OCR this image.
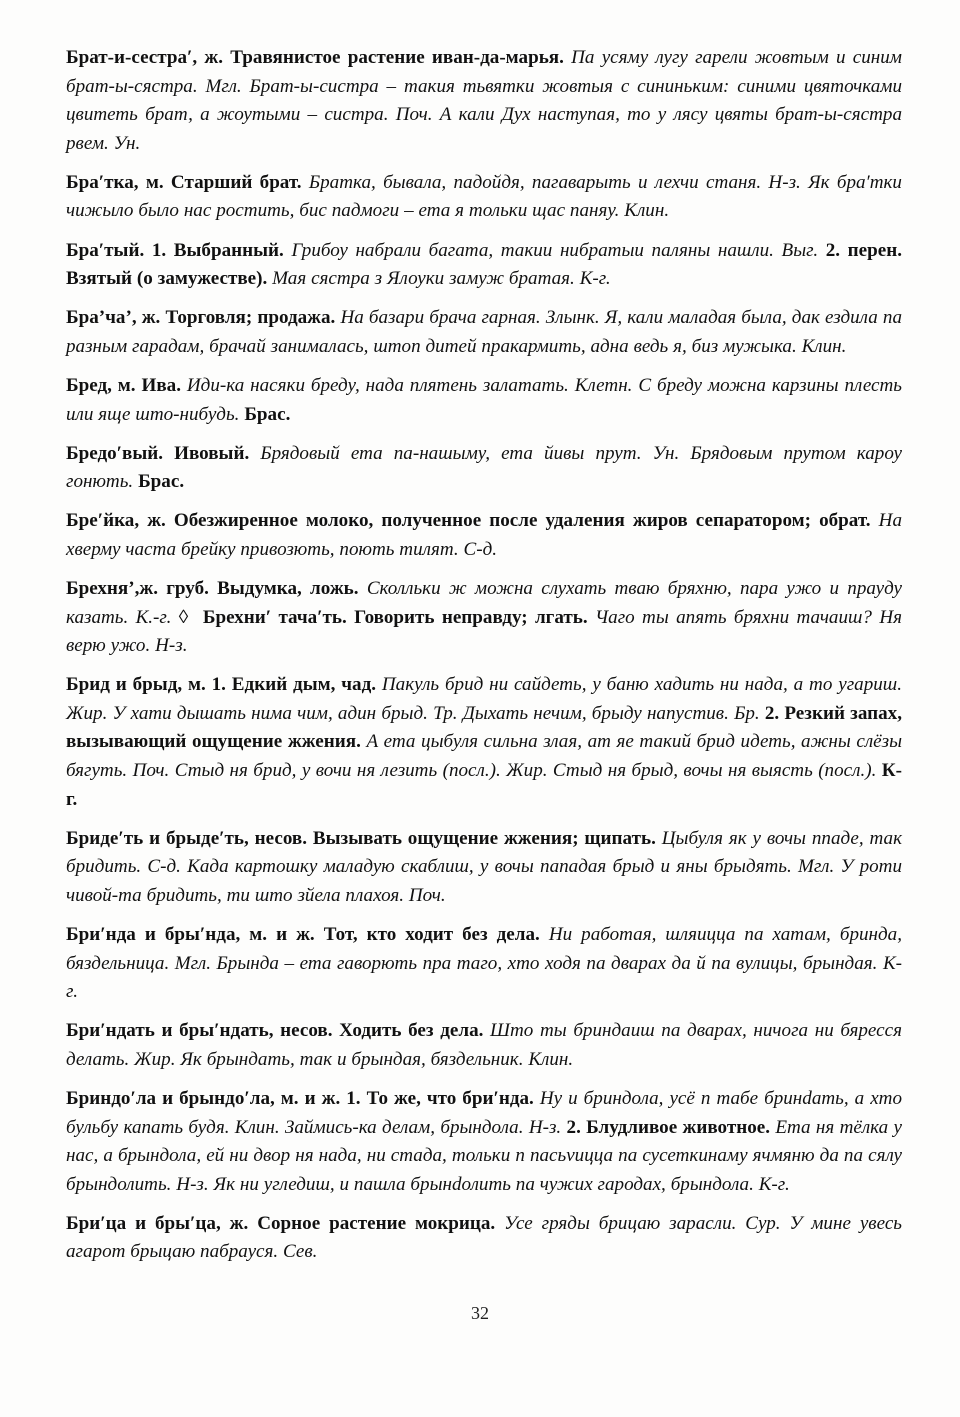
Брат-и-сестра′, ж. Травянистое растение иван-да-марья. Па усяму лугу гарели жовтым и синим брат-ы-сястра. Мгл. Брат-ы-систра – такия тьвятки жовтыя с сининьким: синими цвяточками цвитеть брат, а жоутыми – систра. Поч. А кали Дух наступая, то у лясу цвяты брат-ы-сястра рвем. Ун.

Бра′тка, м. Старший брат. Братка, бывала, падойдя, пагаварыть и лехчи станя. Н-з. Як бра′тки чижыло было нас ростить, бис падмоги – ета я тольки щас паняу. Клин.

Бра′тый. 1. Выбранный. Грибоу набрали багата, такии нибратыи паляны нашли. Выг. 2. перен. Взятый (о замужестве). Мая сястра з Ялоуки замуж братая. К-г.

Бра’ча’, ж. Торговля; продажа. На базари брача гарная. Злынк. Я, кали маладая была, дак ездила па разным гарадам, брачай занималась, штоп дитей пракармить, адна ведь я, биз мужыка. Клин.

Бред, м. Ива. Иди-ка насяки бреду, нада плятень залатать. Клетн. С бреду можна карзины плесть или яще што-нибудь. Брас.

Бредо′вый. Ивовый. Брядовый ета па-нашыму, ета йивы прут. Ун. Брядовым прутом кароу гонють. Брас.

Бре′йка, ж. Обезжиренное молоко, полученное после удаления жиров сепаратором; обрат. На хверму часта брейку привозють, поють тилят. С-д.

Брехня’,ж. груб. Выдумка, ложь. Сколльки ж можна слухать тваю бряхню, пара ужо и прауду казать. К.-г. ◊ Брехни′ тача′ть. Говорить неправду; лгать. Чаго ты апять бряхни тачаиш? Ня верю ужо. Н-з.

Брид и брыд, м. 1. Едкий дым, чад. Пакуль брид ни сайдеть, у баню хадить ни нада, а то угариш. Жир. У хати дышать нима чим, адин брыд. Тр. Дыхать нечим, брыду напустив. Бр. 2. Резкий запах, вызывающий ощущение жжения. А ета цыбуля сильна злая, ат яе такий брид идеть, ажны слёзы бягуть. Поч. Стыд ня брид, у вочи ня лезить (посл.). Жир. Стыд ня брыд, вочы ня выясть (посл.). К-г.

Бриде′ть и брыде′ть, несов. Вызывать ощущение жжения; щипать. Цыбуля як у вочы ппаде, так бридить. С-д. Када картошку маладую скаблиш, у вочы пападая брыд и яны брыдять. Мгл. У роти чивой-та бридить, ти што зйела плахоя. Поч.

Бри′нда и бры′нда, м. и ж. Тот, кто ходит без дела. Ни работая, шляицца па хатам, бринда, бяздельница. Мгл. Брында – ета гаворють пра таго, хто ходя па дварах да й па вулицы, брындая. К-г.

Бри′ндать и бры′ндать, несов. Ходить без дела. Што ты бриндаиш па дварах, ничога ни бяресся делать. Жир. Як брындать, так и брындая, бяздельник. Клин.

Бриндо′ла и брындо′ла, м. и ж. 1. То же, что бри′нда. Ну и бриндола, усё п табе бринdать, а хто бульбу капать будя. Клин. Займись-ка делам, брындола. Н-з. 2. Блудливое животное. Ета ня тёлка у нас, а брындола, ей ни двор ня нада, ни стада, тольки п пасьvицца па сусеткинаму ячмяню да па сялу брындолить. Н-з. Як ни угледиш, и пашла брынdолить па чужих гародах, брындола. К-г.

Бри′ца и бры′ца, ж. Сорное растение мокрица. Усе гряды брицаю зарасли. Сур. У мине увесь агарот брыцаю пабрауся. Сев.

32
